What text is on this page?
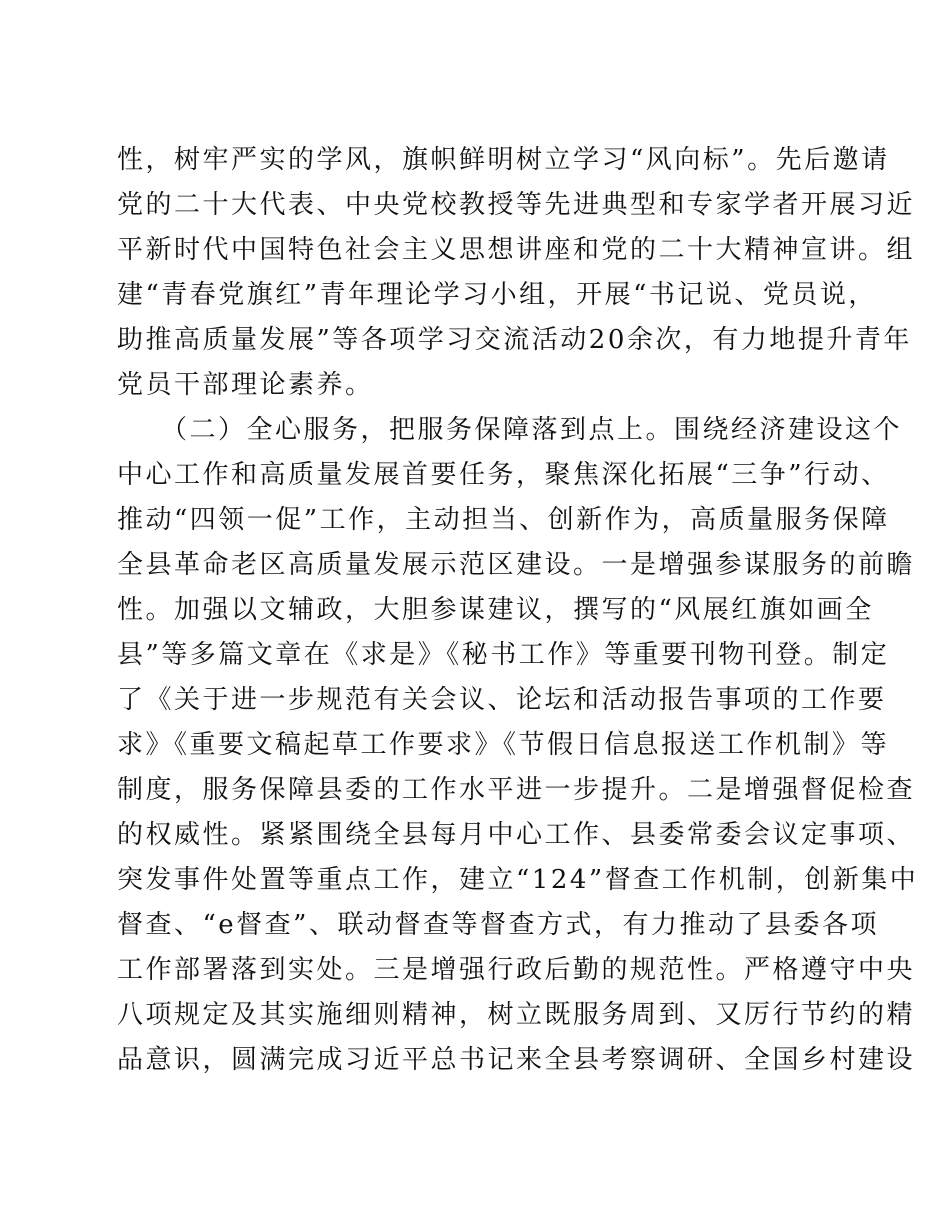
性，树牢严实的学风，旗帜鲜明树立学习“风向标”。先后邀请
党的二十大代表、中央党校教授等先进典型和专家学者开展习近
平新时代中国特色社会主义思想讲座和党的二十大精神宣讲。组
建“青春党旗红”青年理论学习小组，开展“书记说、党员说，
助推高质量发展”等各项学习交流活动20余次，有力地提升青年
党员干部理论素养。
　　（二）全心服务，把服务保障落到点上。围绕经济建设这个
中心工作和高质量发展首要任务，聚焦深化拓展“三争”行动、
推动“四领一促”工作，主动担当、创新作为，高质量服务保障
全县革命老区高质量发展示范区建设。一是增强参谋服务的前瞻
性。加强以文辅政，大胆参谋建议，撰写的“风展红旗如画全
县”等多篇文章在《求是》《秘书工作》等重要刊物刊登。制定
了《关于进一步规范有关会议、论坛和活动报告事项的工作要
求》《重要文稿起草工作要求》《节假日信息报送工作机制》等
制度，服务保障县委的工作水平进一步提升。二是增强督促检查
的权威性。紧紧围绕全县每月中心工作、县委常委会议定事项、
突发事件处置等重点工作，建立“124”督查工作机制，创新集中
督查、“e督查”、联动督查等督查方式，有力推动了县委各项
工作部署落到实处。三是增强行政后勤的规范性。严格遵守中央
八项规定及其实施细则精神，树立既服务周到、又厉行节约的精
品意识，圆满完成习近平总书记来全县考察调研、全国乡村建设
